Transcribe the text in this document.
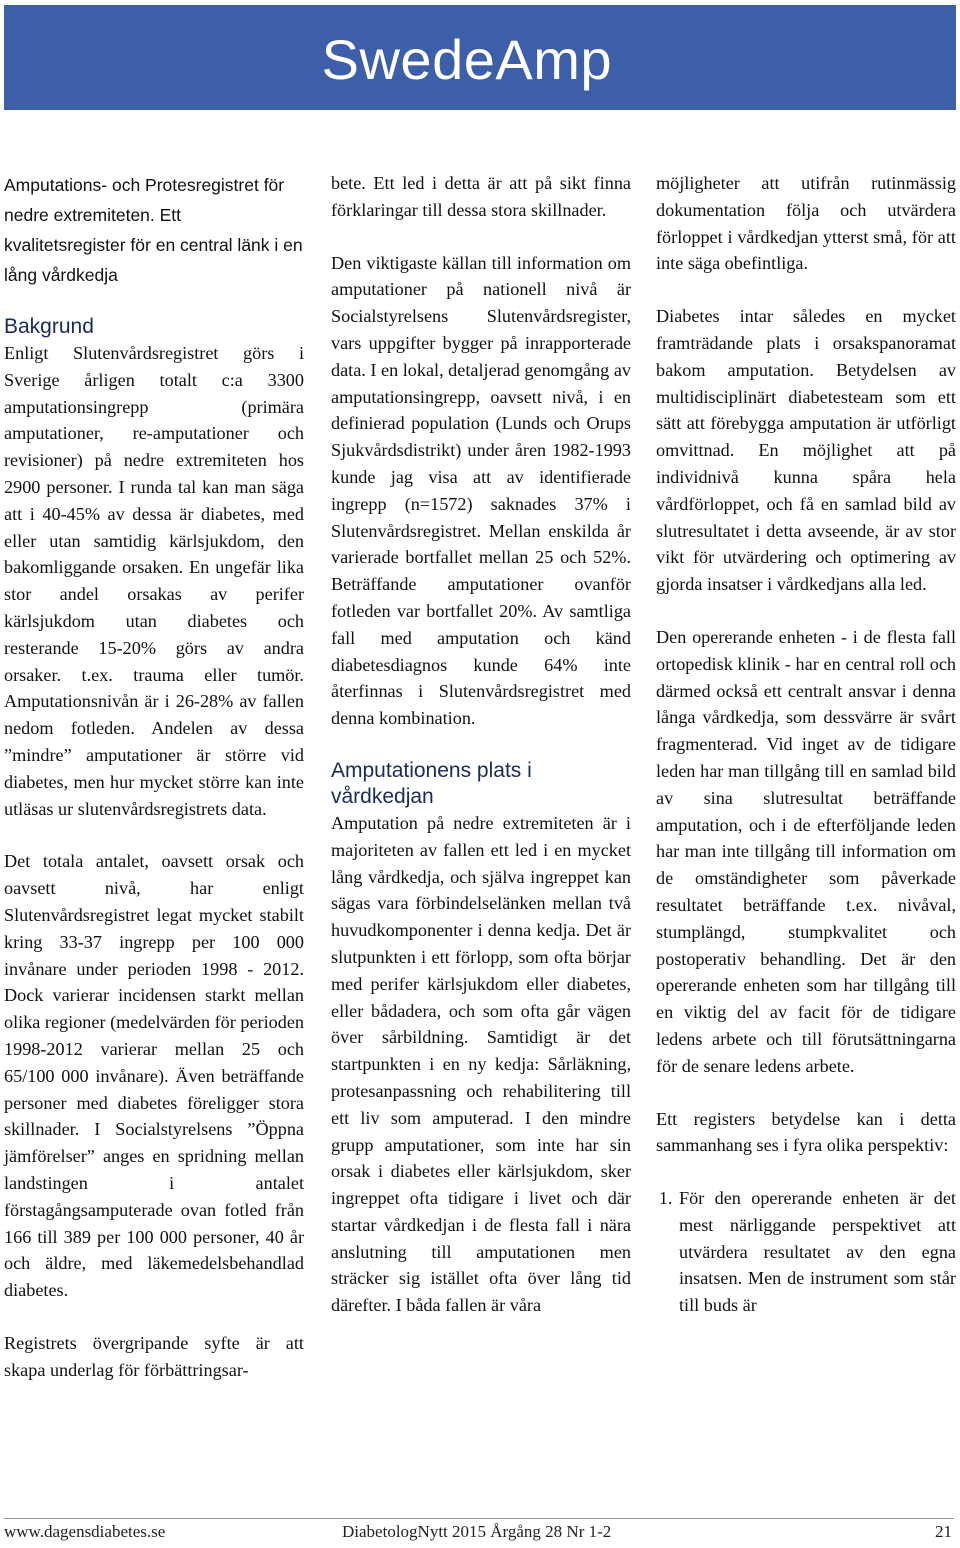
SwedeAmp
Amputations- och Protesregistret för nedre extremiteten. Ett kvalitetsregister för en central länk i en lång vårdkedja
Bakgrund

Enligt Slutenvårdsregistret görs i Sverige årligen totalt c:a 3300 amputationsingrepp (primära amputationer, re-amputationer och revisioner) på nedre extremiteten hos 2900 personer. I runda tal kan man säga att i 40-45% av dessa är diabetes, med eller utan samtidig kärlsjukdom, den bakomliggande orsaken. En ungefär lika stor andel orsakas av perifer kärlsjukdom utan diabetes och resterande 15-20% görs av andra orsaker. t.ex. trauma eller tumör. Amputationsnivån är i 26-28% av fallen nedom fotleden. Andelen av dessa ”mindre” amputationer är större vid diabetes, men hur mycket större kan inte utläsas ur slutenvårdsregistrets data.

Det totala antalet, oavsett orsak och oavsett nivå, har enligt Slutenvårdsregistret legat mycket stabilt kring 33-37 ingrepp per 100 000 invånare under perioden 1998 - 2012. Dock varierar incidensen starkt mellan olika regioner (medelvärden för perioden 1998-2012 varierar mellan 25 och 65/100 000 invånare). Även beträffande personer med diabetes föreligger stora skillnader. I Socialstyrelsens ”Öppna jämförelser” anges en spridning mellan landstingen i antalet förstagångsamputerade ovan fotled från 166 till 389 per 100 000 personer, 40 år och äldre, med läkemedelsbehandlad diabetes.

Registrets övergripande syfte är att skapa underlag för förbättringsar-

bete. Ett led i detta är att på sikt finna förklaringar till dessa stora skillnader.

Den viktigaste källan till information om amputationer på nationell nivå är Socialstyrelsens Slutenvårdsregister, vars uppgifter bygger på inrapporterade data. I en lokal, detaljerad genomgång av amputationsingrepp, oavsett nivå, i en definierad population (Lunds och Orups Sjukvårdsdistrikt) under åren 1982-1993 kunde jag visa att av identifierade ingrepp (n=1572) saknades 37% i Slutenvårdsregistret. Mellan enskilda år varierade bortfallet mellan 25 och 52%. Beträffande amputationer ovanför fotleden var bortfallet 20%. Av samtliga fall med amputation och känd diabetesdiagnos kunde 64% inte återfinnas i Slutenvårdsregistret med denna kombination.

Amputationens plats i vårdkedjan

Amputation på nedre extremiteten är i majoriteten av fallen ett led i en mycket lång vårdkedja, och själva ingreppet kan sägas vara förbindelselänken mellan två huvudkomponenter i denna kedja. Det är slutpunkten i ett förlopp, som ofta börjar med perifer kärlsjukdom eller diabetes, eller bådadera, och som ofta går vägen över sårbildning. Samtidigt är det startpunkten i en ny kedja: Sårläkning, protesanpassning och rehabilitering till ett liv som amputerad. I den mindre grupp amputationer, som inte har sin orsak i diabetes eller kärlsjukdom, sker ingreppet ofta tidigare i livet och där startar vårdkedjan i de flesta fall i nära anslutning till amputationen men sträcker sig istället ofta över lång tid därefter. I båda fallen är våra

möjligheter att utifrån rutinmässig dokumentation följa och utvärdera förloppet i vårdkedjan ytterst små, för att inte säga obefintliga.

Diabetes intar således en mycket framträdande plats i orsakspanoramat bakom amputation. Betydelsen av multidisciplinärt diabetesteam som ett sätt att förebygga amputation är utförligt omvittnad. En möjlighet att på individnivå kunna spåra hela vårdförloppet, och få en samlad bild av slutresultatet i detta avseende, är av stor vikt för utvärdering och optimering av gjorda insatser i vårdkedjans alla led.

Den opererande enheten - i de flesta fall ortopedisk klinik - har en central roll och därmed också ett centralt ansvar i denna långa vårdkedja, som dessvärre är svårt fragmenterad. Vid inget av de tidigare leden har man tillgång till en samlad bild av sina slutresultat beträffande amputation, och i de efterföljande leden har man inte tillgång till information om de omständigheter som påverkade resultatet beträffande t.ex. nivåval, stumplängd, stumpkvalitet och postoperativ behandling. Det är den opererande enheten som har tillgång till en viktig del av facit för de tidigare ledens arbete och till förutsättningarna för de senare ledens arbete.

Ett registers betydelse kan i detta sammanhang ses i fyra olika perspektiv:

1. För den opererande enheten är det mest närliggande perspektivet att utvärdera resultatet av den egna insatsen. Men de instrument som står till buds är
www.dagensdiabetes.se	DiabetologNytt 2015 Årgång 28 Nr 1-2	21
